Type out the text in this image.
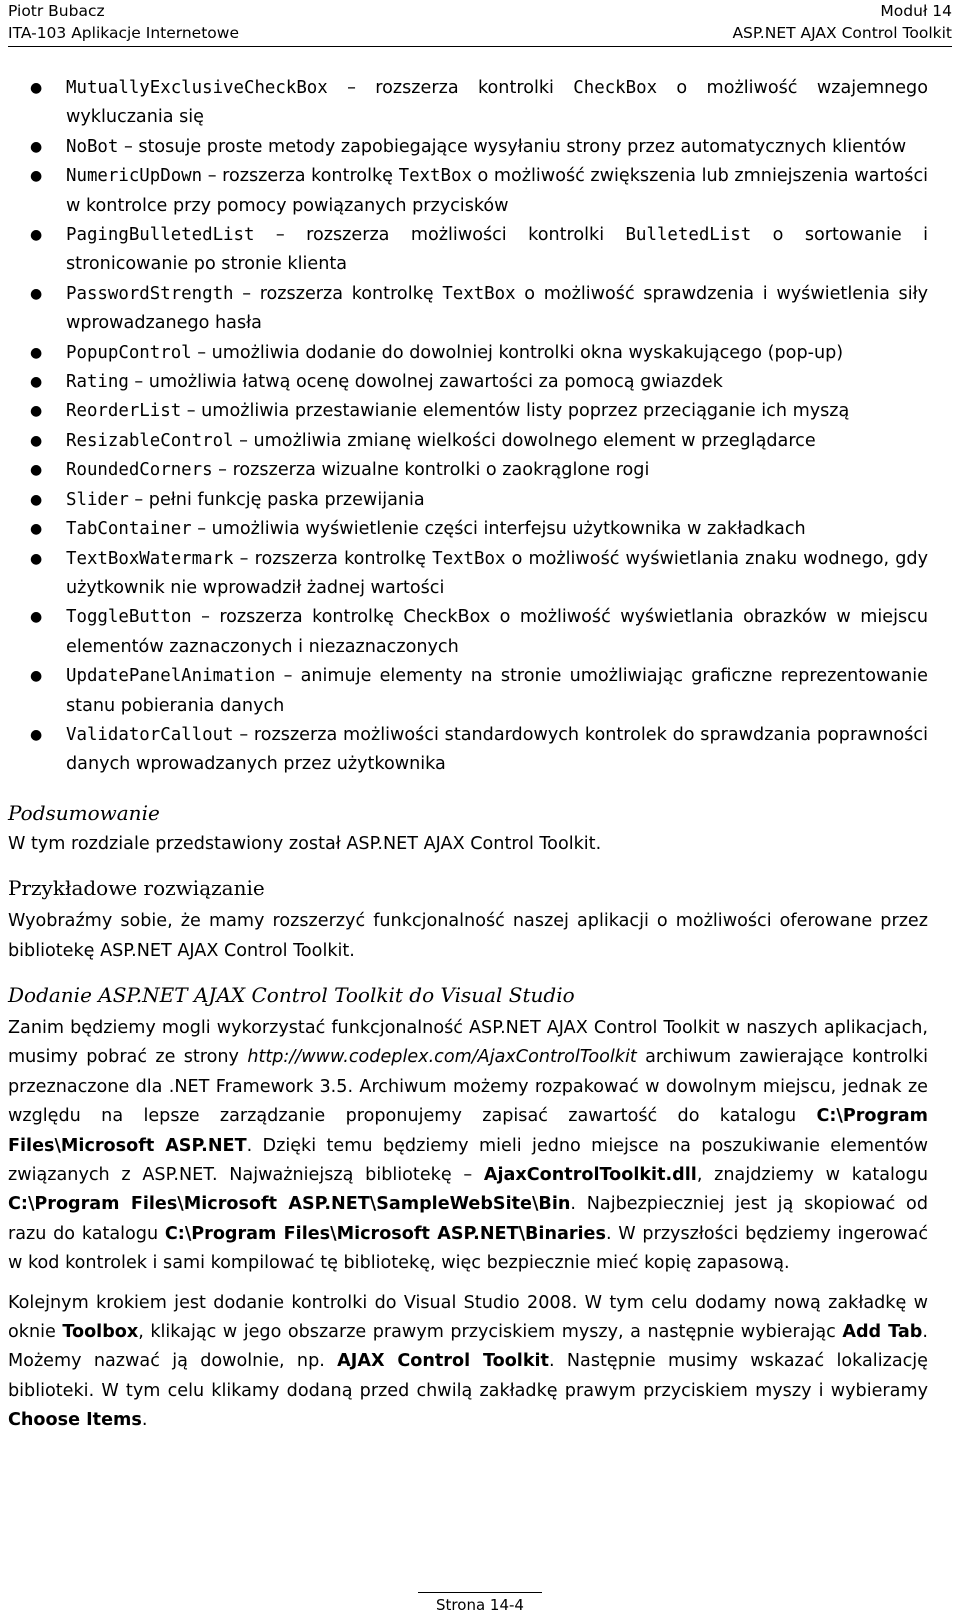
Piotr Bubacz
ITA-103 Aplikacje Internetowe
Moduł 14
ASP.NET AJAX Control Toolkit
● MutuallyExclusiveCheckBox – rozszerza kontrolki CheckBox o możliwość wzajemnego wykluczania się
● NoBot – stosuje proste metody zapobiegające wysyłaniu strony przez automatycznych klientów
● NumericUpDown – rozszerza kontrolkę TextBox o możliwość zwiększenia lub zmniejszenia wartości w kontrolce przy pomocy powiązanych przycisków
● PagingBulletedList – rozszerza możliwości kontrolki BulletedList o sortowanie i stronicowanie po stronie klienta
● PasswordStrength – rozszerza kontrolkę TextBox o możliwość sprawdzenia i wyświetlenia siły wprowadzanego hasła
● PopupControl – umożliwia dodanie do dowolniej kontrolki okna wyskakującego (pop-up)
● Rating – umożliwia łatwą ocenę dowolnej zawartości za pomocą gwiazdek
● ReorderList – umożliwia przestawianie elementów listy poprzez przeciąganie ich myszą
● ResizableControl – umożliwia zmianę wielkości dowolnego element w przeglądarce
● RoundedCorners – rozszerza wizualne kontrolki o zaokrąglone rogi
● Slider – pełni funkcję paska przewijania
● TabContainer – umożliwia wyświetlenie części interfejsu użytkownika w zakładkach
● TextBoxWatermark – rozszerza kontrolkę TextBox o możliwość wyświetlania znaku wodnego, gdy użytkownik nie wprowadził żadnej wartości
● ToggleButton – rozszerza kontrolkę CheckBox o możliwość wyświetlania obrazków w miejscu elementów zaznaczonych i niezaznaczonych
● UpdatePanelAnimation – animuje elementy na stronie umożliwiając graficzne reprezentowanie stanu pobierania danych
● ValidatorCallout – rozszerza możliwości standardowych kontrolek do sprawdzania poprawności danych wprowadzanych przez użytkownika
Podsumowanie

W tym rozdziale przedstawiony został ASP.NET AJAX Control Toolkit.

Przykładowe rozwiązanie

Wyobraźmy sobie, że mamy rozszerzyć funkcjonalność naszej aplikacji o możliwości oferowane przez bibliotekę ASP.NET AJAX Control Toolkit.

Dodanie ASP.NET AJAX Control Toolkit do Visual Studio

Zanim będziemy mogli wykorzystać funkcjonalność ASP.NET AJAX Control Toolkit w naszych aplikacjach, musimy pobrać ze strony http://www.codeplex.com/AjaxControlToolkit archiwum zawierające kontrolki przeznaczone dla .NET Framework 3.5. Archiwum możemy rozpakować w dowolnym miejscu, jednak ze względu na lepsze zarządzanie proponujemy zapisać zawartość do katalogu C:\Program Files\Microsoft ASP.NET. Dzięki temu będziemy mieli jedno miejsce na poszukiwanie elementów związanych z ASP.NET. Najważniejszą bibliotekę – AjaxControlToolkit.dll, znajdziemy w katalogu C:\Program Files\Microsoft ASP.NET\SampleWebSite\Bin. Najbezpieczniej jest ją skopiować od razu do katalogu C:\Program Files\Microsoft ASP.NET\Binaries. W przyszłości będziemy ingerować w kod kontrolek i sami kompilować tę bibliotekę, więc bezpiecznie mieć kopię zapasową.

Kolejnym krokiem jest dodanie kontrolki do Visual Studio 2008. W tym celu dodamy nową zakładkę w oknie Toolbox, klikając w jego obszarze prawym przyciskiem myszy, a następnie wybierając Add Tab. Możemy nazwać ją dowolnie, np. AJAX Control Toolkit. Następnie musimy wskazać lokalizację biblioteki. W tym celu klikamy dodaną przed chwilą zakładkę prawym przyciskiem myszy i wybieramy Choose Items.

Strona 14-4
